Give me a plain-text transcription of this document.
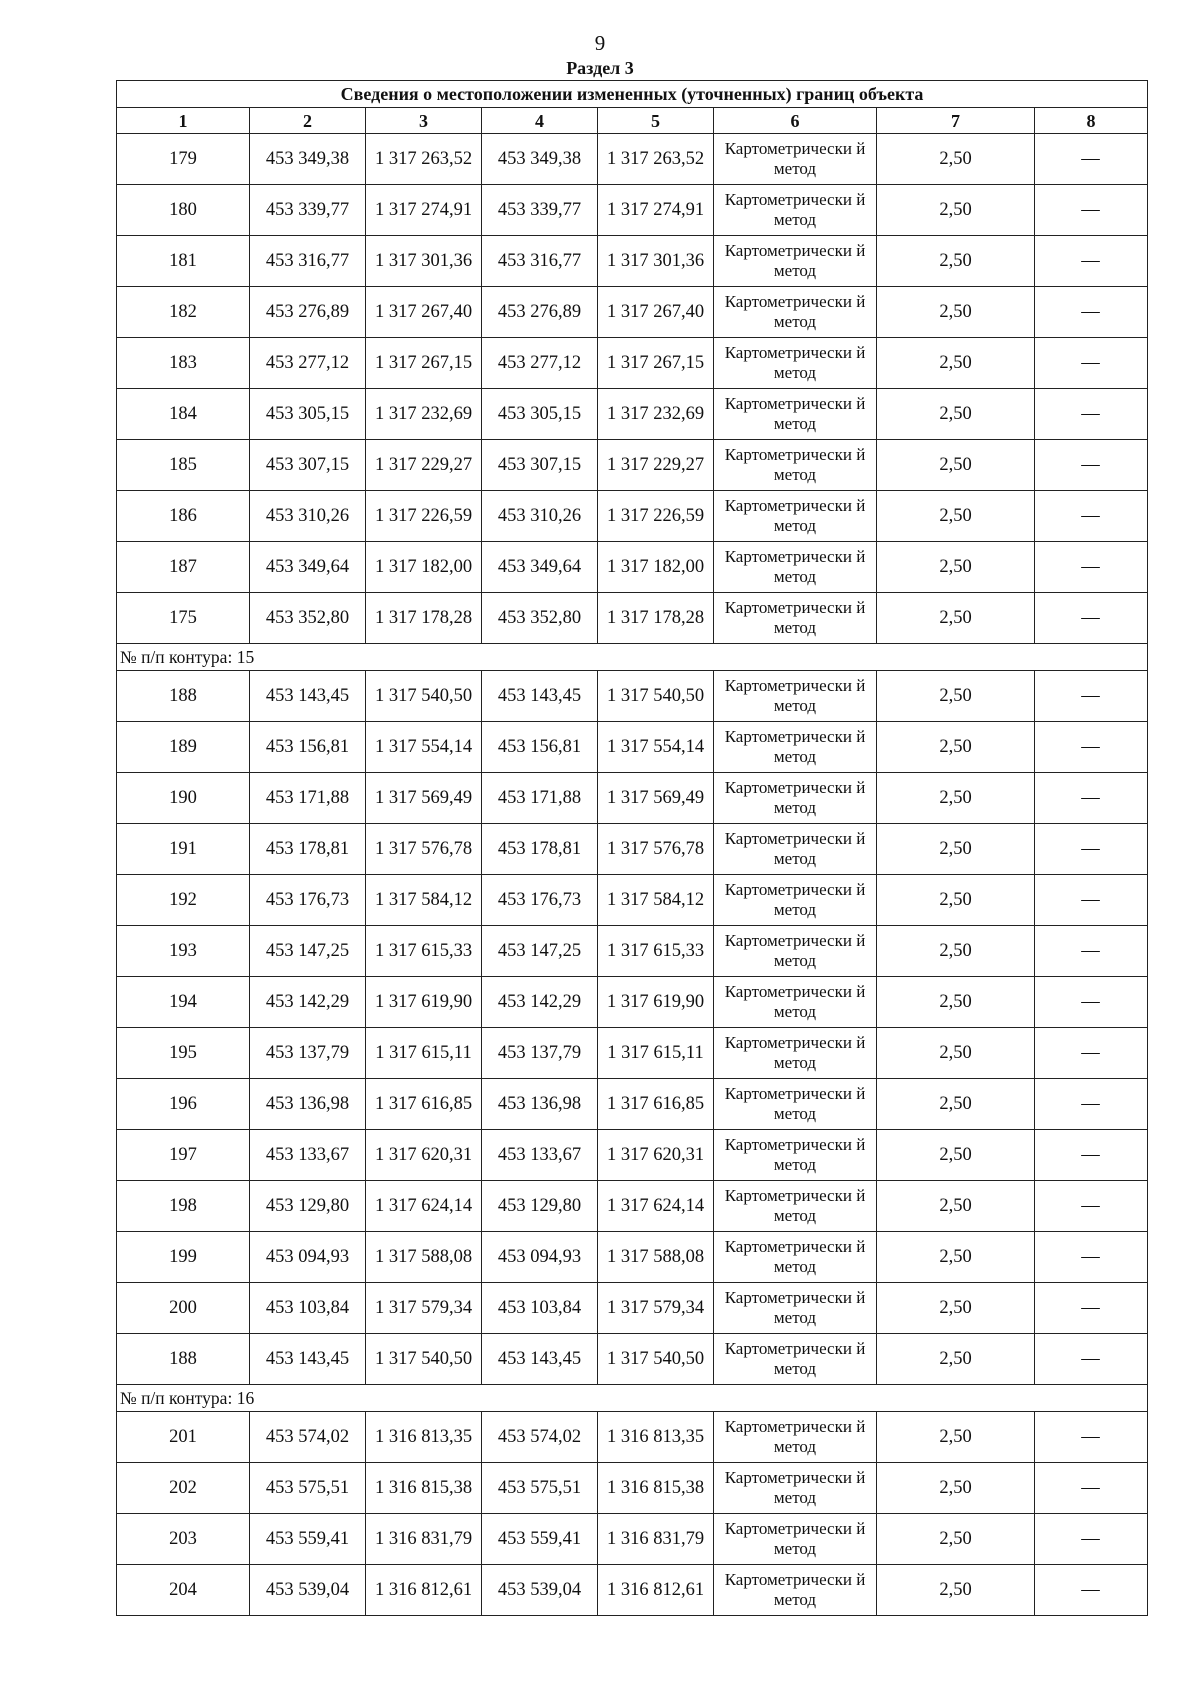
9
Раздел 3
Сведения о местоположении измененных (уточненных) границ объекта							
1	2	3	4	5	6	7	8
179	453 349,38	1 317 263,52	453 349,38	1 317 263,52	Картометрически й метод	2,50	—
180	453 339,77	1 317 274,91	453 339,77	1 317 274,91	Картометрически й метод	2,50	—
181	453 316,77	1 317 301,36	453 316,77	1 317 301,36	Картометрически й метод	2,50	—
182	453 276,89	1 317 267,40	453 276,89	1 317 267,40	Картометрически й метод	2,50	—
183	453 277,12	1 317 267,15	453 277,12	1 317 267,15	Картометрически й метод	2,50	—
184	453 305,15	1 317 232,69	453 305,15	1 317 232,69	Картометрически й метод	2,50	—
185	453 307,15	1 317 229,27	453 307,15	1 317 229,27	Картометрически й метод	2,50	—
186	453 310,26	1 317 226,59	453 310,26	1 317 226,59	Картометрически й метод	2,50	—
187	453 349,64	1 317 182,00	453 349,64	1 317 182,00	Картометрически й метод	2,50	—
175	453 352,80	1 317 178,28	453 352,80	1 317 178,28	Картометрически й метод	2,50	—
№ п/п контура: 15							
188	453 143,45	1 317 540,50	453 143,45	1 317 540,50	Картометрически й метод	2,50	—
189	453 156,81	1 317 554,14	453 156,81	1 317 554,14	Картометрически й метод	2,50	—
190	453 171,88	1 317 569,49	453 171,88	1 317 569,49	Картометрически й метод	2,50	—
191	453 178,81	1 317 576,78	453 178,81	1 317 576,78	Картометрически й метод	2,50	—
192	453 176,73	1 317 584,12	453 176,73	1 317 584,12	Картометрически й метод	2,50	—
193	453 147,25	1 317 615,33	453 147,25	1 317 615,33	Картометрически й метод	2,50	—
194	453 142,29	1 317 619,90	453 142,29	1 317 619,90	Картометрически й метод	2,50	—
195	453 137,79	1 317 615,11	453 137,79	1 317 615,11	Картометрически й метод	2,50	—
196	453 136,98	1 317 616,85	453 136,98	1 317 616,85	Картометрически й метод	2,50	—
197	453 133,67	1 317 620,31	453 133,67	1 317 620,31	Картометрически й метод	2,50	—
198	453 129,80	1 317 624,14	453 129,80	1 317 624,14	Картометрически й метод	2,50	—
199	453 094,93	1 317 588,08	453 094,93	1 317 588,08	Картометрически й метод	2,50	—
200	453 103,84	1 317 579,34	453 103,84	1 317 579,34	Картометрически й метод	2,50	—
188	453 143,45	1 317 540,50	453 143,45	1 317 540,50	Картометрически й метод	2,50	—
№ п/п контура: 16							
201	453 574,02	1 316 813,35	453 574,02	1 316 813,35	Картометрически й метод	2,50	—
202	453 575,51	1 316 815,38	453 575,51	1 316 815,38	Картометрически й метод	2,50	—
203	453 559,41	1 316 831,79	453 559,41	1 316 831,79	Картометрически й метод	2,50	—
204	453 539,04	1 316 812,61	453 539,04	1 316 812,61	Картометрически й метод	2,50	—
